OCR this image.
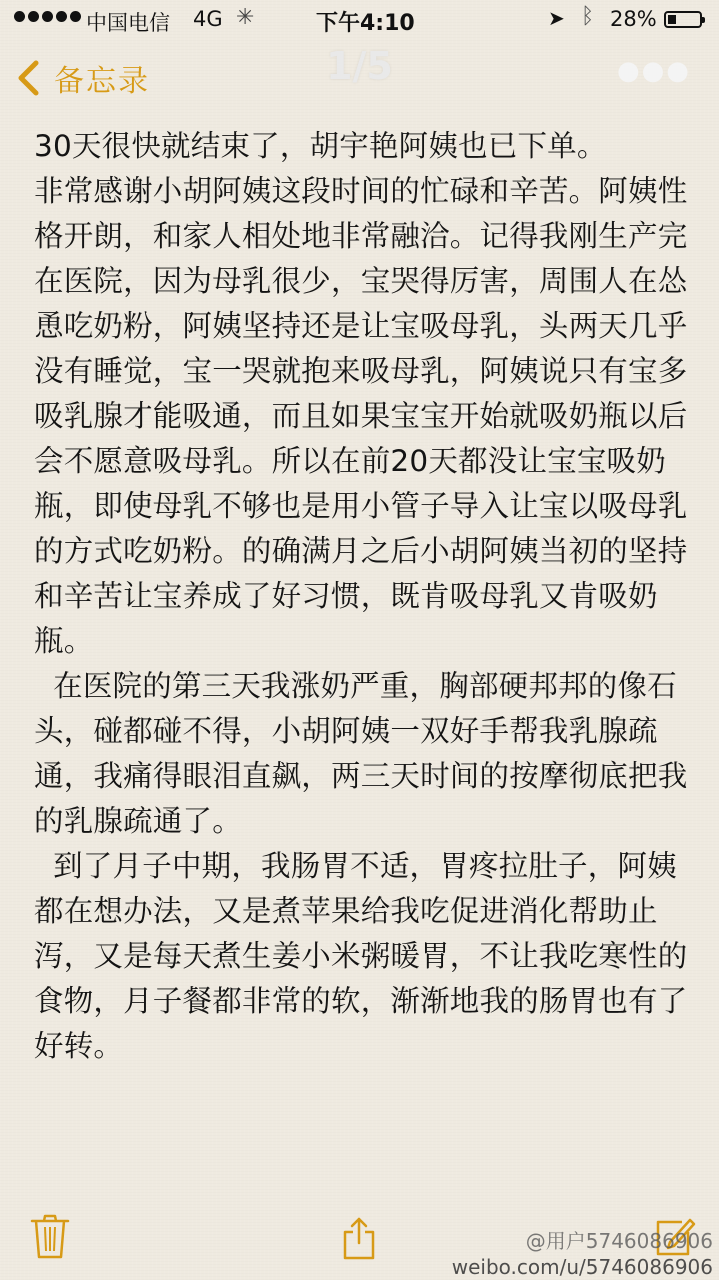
中国电信 4G ✳	下午4:10	➤ ᛒ 28%
1/5
备忘录	●●●

30天很快就结束了，胡宇艳阿姨也已下单。
非常感谢小胡阿姨这段时间的忙碌和辛苦。阿姨性格开朗，和家人相处地非常融洽。记得我刚生产完在医院，因为母乳很少，宝哭得厉害，周围人在怂恿吃奶粉，阿姨坚持还是让宝吸母乳，头两天几乎没有睡觉，宝一哭就抱来吸母乳，阿姨说只有宝多吸乳腺才能吸通，而且如果宝宝开始就吸奶瓶以后会不愿意吸母乳。所以在前20天都没让宝宝吸奶瓶，即使母乳不够也是用小管子导入让宝以吸母乳的方式吃奶粉。的确满月之后小胡阿姨当初的坚持和辛苦让宝养成了好习惯，既肯吸母乳又肯吸奶瓶。

在医院的第三天我涨奶严重，胸部硬邦邦的像石头，碰都碰不得，小胡阿姨一双好手帮我乳腺疏通，我痛得眼泪直飙，两三天时间的按摩彻底把我的乳腺疏通了。

到了月子中期，我肠胃不适，胃疼拉肚子，阿姨都在想办法，又是煮苹果给我吃促进消化帮助止泻，又是每天煮生姜小米粥暖胃，不让我吃寒性的食物，月子餐都非常的软，渐渐地我的肠胃也有了好转。

@用户5746086906
weibo.com/u/5746086906
